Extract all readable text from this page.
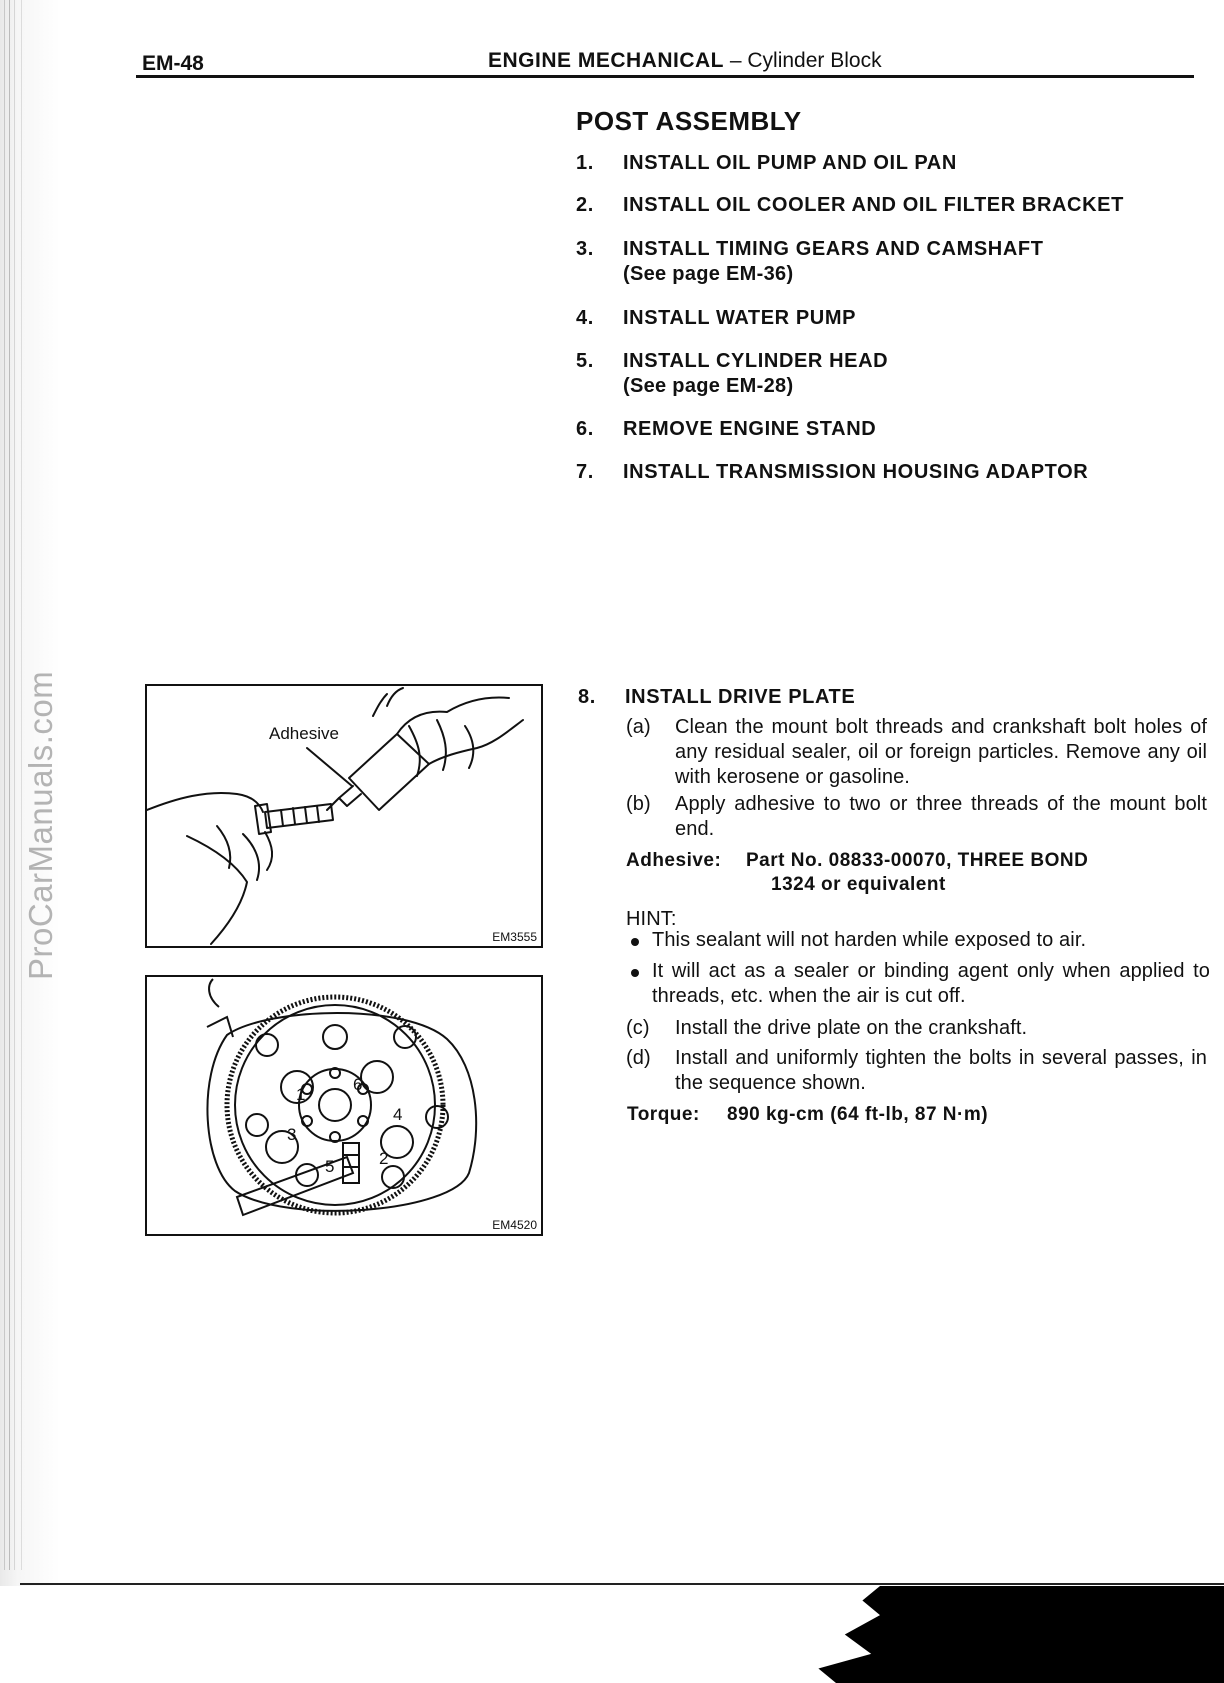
ProCarManuals.com
EM-48	ENGINE MECHANICAL – Cylinder Block
POST ASSEMBLY
1. INSTALL OIL PUMP AND OIL PAN
2. INSTALL OIL COOLER AND OIL FILTER BRACKET
3. INSTALL TIMING GEARS AND CAMSHAFT
(See page EM-36)
4. INSTALL WATER PUMP
5. INSTALL CYLINDER HEAD
(See page EM-28)
6. REMOVE ENGINE STAND
7. INSTALL TRANSMISSION HOUSING ADAPTOR
8. INSTALL DRIVE PLATE
(a) Clean the mount bolt threads and crankshaft bolt holes of any residual sealer, oil or foreign particles. Remove any oil with kerosene or gasoline.
(b) Apply adhesive to two or three threads of the mount bolt end.
Adhesive: Part No. 08833-00070, THREE BOND
1324 or equivalent
HINT:
This sealant will not harden while exposed to air.
It will act as a sealer or binding agent only when applied to threads, etc. when the air is cut off.
(c) Install the drive plate on the crankshaft.
(d) Install and uniformly tighten the bolts in several passes, in the sequence shown.
Torque: 890 kg-cm (64 ft-lb, 87 N·m)
Adhesive
EM3555
1
2
3
4
5
6
EM4520
